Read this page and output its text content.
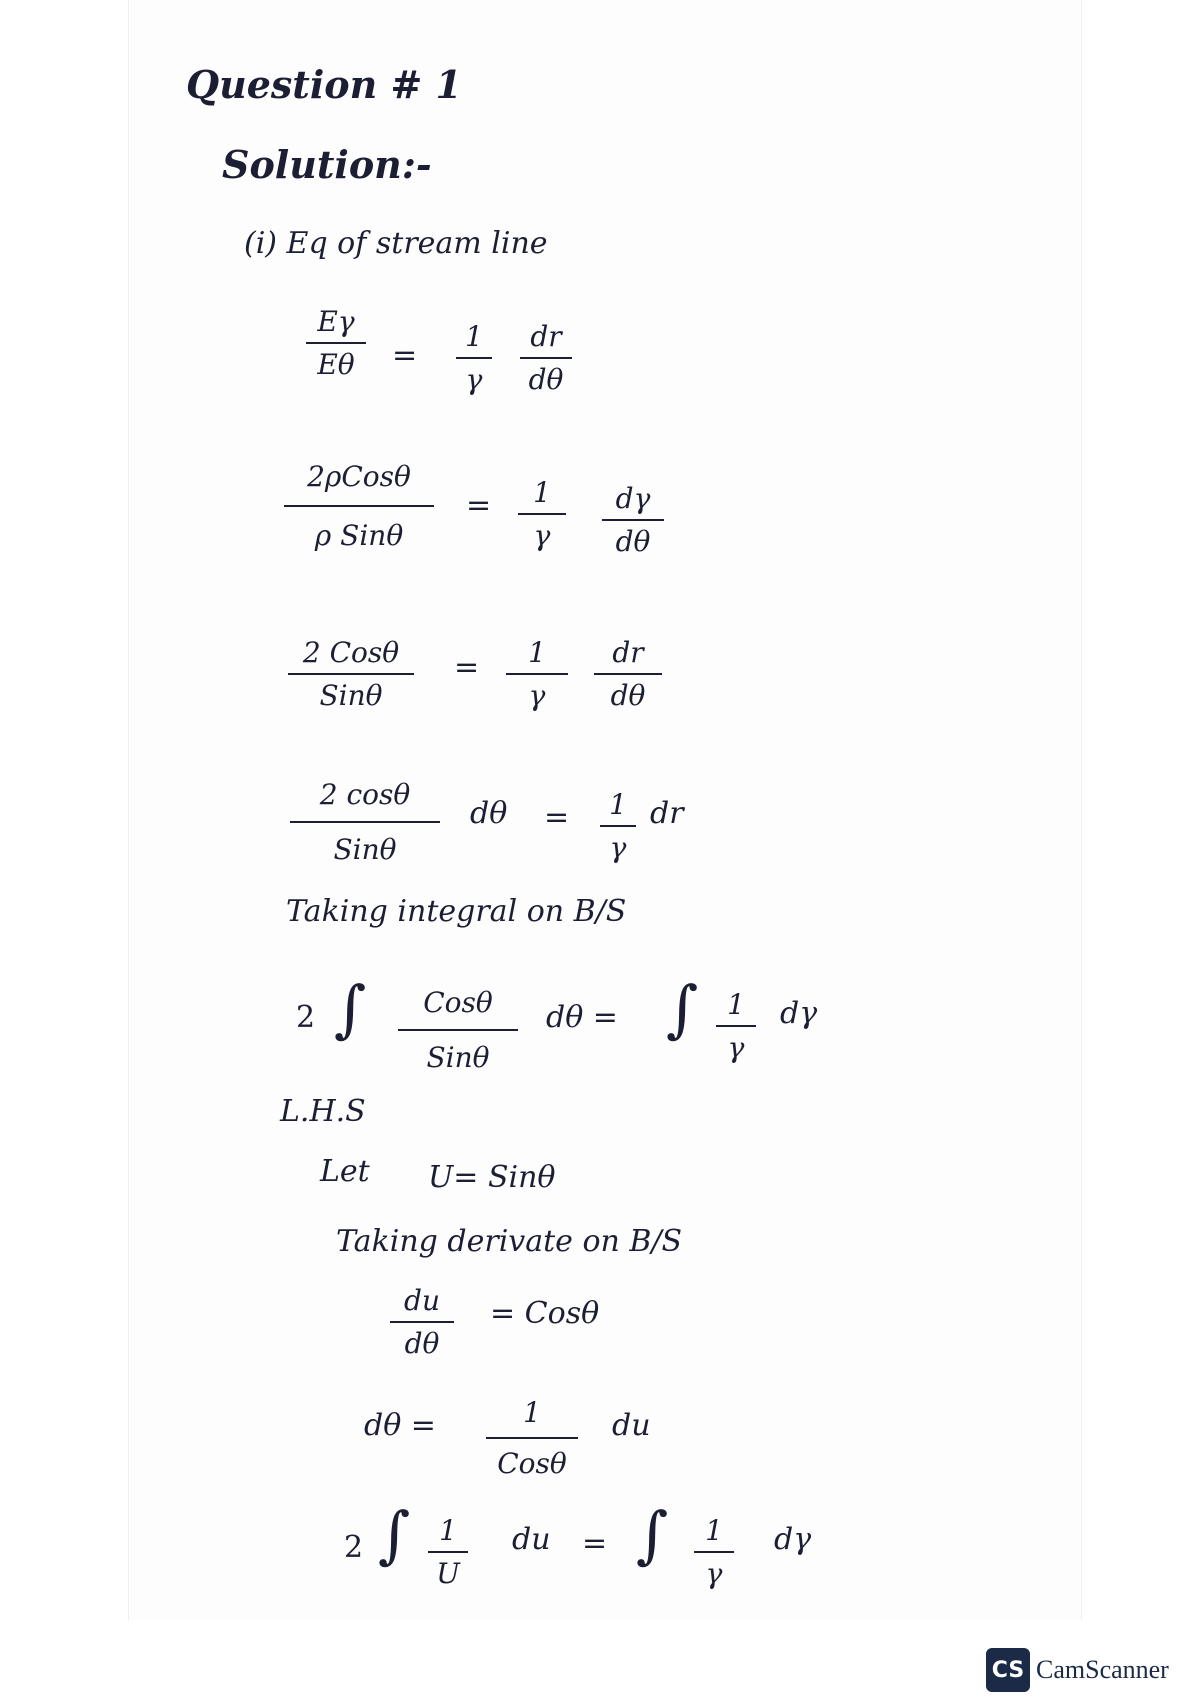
Question # 1
Solution:-
(i) Eq of stream line
Eγ
Eθ =
1
γ
dr
dθ
2ρCosθ
ρ Sinθ
= 1
γ
dγ
dθ
2 Cosθ
Sinθ
= 1
γ
dr
dθ
2 cosθ
Sinθ
dθ = 1
γ
dr
Taking integral on B/S
2 ∫ Cosθ
Sinθ
dθ = ∫ 1
γ
dγ
L.H.S
Let U= Sinθ
Taking derivate on B/S
du
dθ
= Cosθ
dθ =	1
Cosθ
du
2 ∫ 1
U
du = ∫ 1
γ
dγ
CS CamScanner
